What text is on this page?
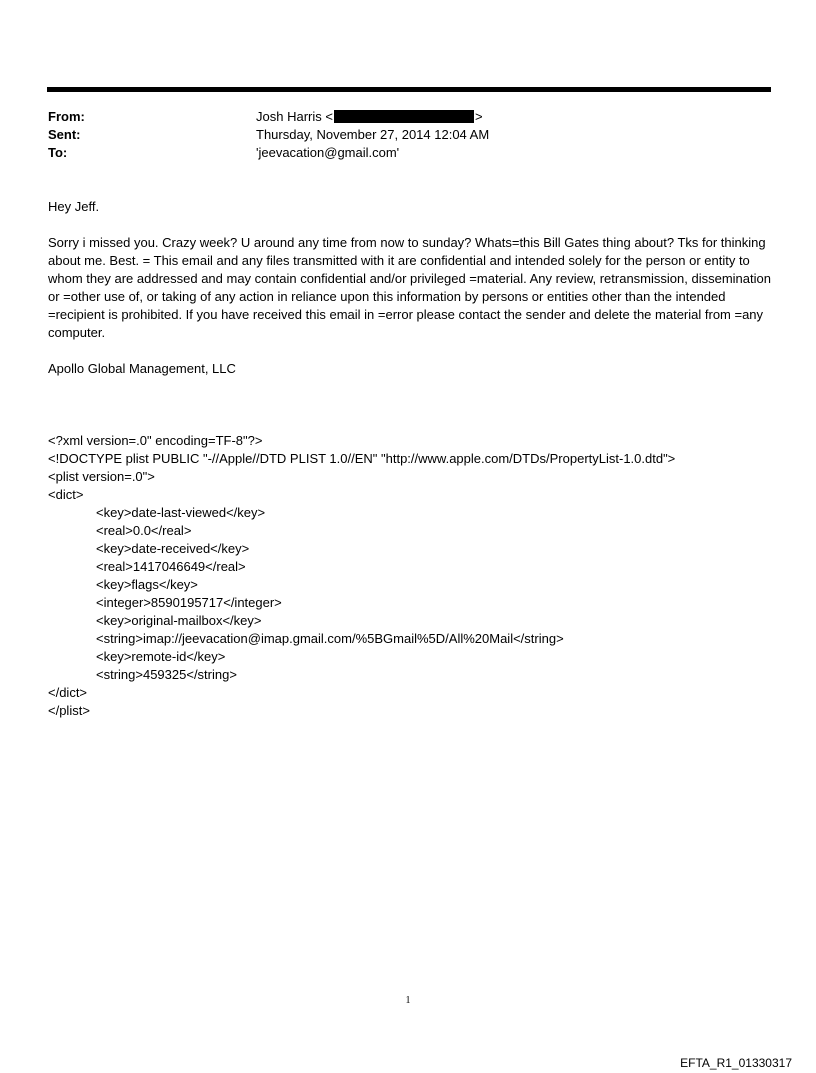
From:	Josh Harris <	>
Sent:	Thursday, November 27, 2014 12:04 AM
To:	'jeevacation@gmail.com'

Hey Jeff.

Sorry i missed you. Crazy week? U around any time from now to sunday? Whats=this Bill Gates thing about? Tks for thinking about me. Best. = This email and any files transmitted with it are confidential and intended solely for the person or entity to whom they are addressed and may contain confidential and/or privileged =material. Any review, retransmission, dissemination or =other use of, or taking of any action in reliance upon this information by persons or entities other than the intended =recipient is prohibited. If you have received this email in =error please contact the sender and delete the material from =any computer.

Apollo Global Management, LLC

<?xml version=.0" encoding=TF-8"?>
<!DOCTYPE plist PUBLIC "-//Apple//DTD PLIST 1.0//EN" "http://www.apple.com/DTDs/PropertyList-1.0.dtd">
<plist version=.0">
<dict>
<key>date-last-viewed</key>
<real>0.0</real>
<key>date-received</key>
<real>1417046649</real>
<key>flags</key>
<integer>8590195717</integer>
<key>original-mailbox</key>
<string>imap://jeevacation@imap.gmail.com/%5BGmail%5D/All%20Mail</string>
<key>remote-id</key>
<string>459325</string>
</dict>
</plist>
1
EFTA_R1_01330317
